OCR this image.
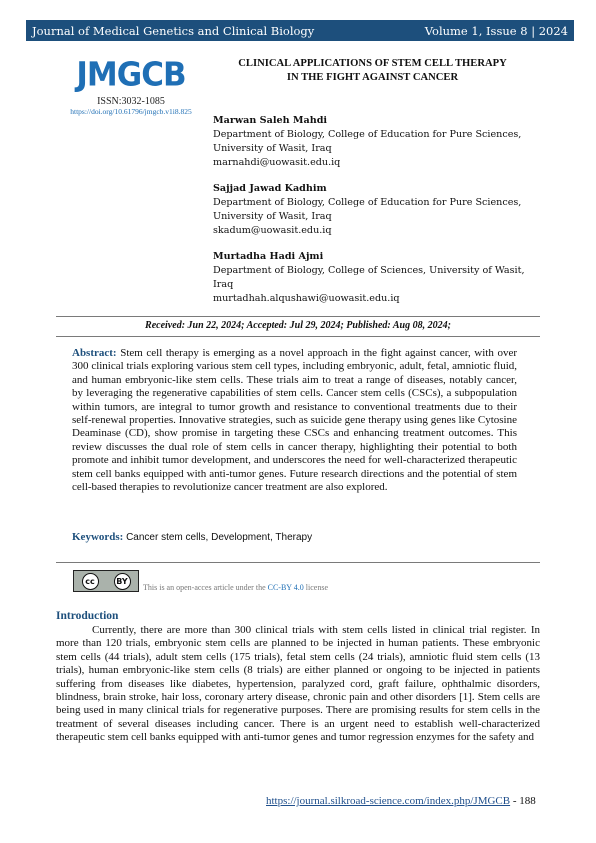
Journal of Medical Genetics and Clinical Biology	Volume 1, Issue 8 | 2024
JMGCB
ISSN:3032-1085
https://doi.org/10.61796/jmgcb.v1i8.825
CLINICAL APPLICATIONS OF STEM CELL THERAPY
IN THE FIGHT AGAINST CANCER
Marwan Saleh Mahdi
Department of Biology, College of Education for Pure Sciences,
University of Wasit, Iraq
marnahdi@uowasit.edu.iq
Sajjad Jawad Kadhim
Department of Biology, College of Education for Pure Sciences,
University of Wasit, Iraq
skadum@uowasit.edu.iq
Murtadha Hadi Ajmi
Department of Biology, College of Sciences, University of Wasit,
Iraq
murtadhah.alqushawi@uowasit.edu.iq
Received: Jun 22, 2024; Accepted: Jul 29, 2024; Published: Aug 08, 2024;
Abstract: Stem cell therapy is emerging as a novel approach in the fight against cancer, with over 300 clinical trials exploring various stem cell types, including embryonic, adult, fetal, amniotic fluid, and human embryonic-like stem cells. These trials aim to treat a range of diseases, notably cancer, by leveraging the regenerative capabilities of stem cells. Cancer stem cells (CSCs), a subpopulation within tumors, are integral to tumor growth and resistance to conventional treatments due to their self-renewal properties. Innovative strategies, such as suicide gene therapy using genes like Cytosine Deaminase (CD), show promise in targeting these CSCs and enhancing treatment outcomes. This review discusses the dual role of stem cells in cancer therapy, highlighting their potential to both promote and inhibit tumor development, and underscores the need for well-characterized therapeutic stem cell banks equipped with anti-tumor genes. Future research directions and the potential of stem cell-based therapies to revolutionize cancer treatment are also explored.
Keywords: Cancer stem cells, Development, Therapy
cc	BY
This is an open-acces article under the CC-BY 4.0 license
Introduction
Currently, there are more than 300 clinical trials with stem cells listed in clinical trial register. In more than 120 trials, embryonic stem cells are planned to be injected in human patients. These embryonic stem cells (44 trials), adult stem cells (175 trials), fetal stem cells (24 trials), amniotic fluid stem cells (13 trials), human embryonic-like stem cells (8 trials) are either planned or ongoing to be injected in patients suffering from diseases like diabetes, hypertension, paralyzed cord, graft failure, ophthalmic disorders, blindness, brain stroke, hair loss, coronary artery disease, chronic pain and other disorders [1]. Stem cells are being used in many clinical trials for regenerative purposes. There are promising results for stem cells in the treatment of several diseases including cancer. There is an urgent need to establish well-characterized therapeutic stem cell banks equipped with anti-tumor genes and tumor regression enzymes for the safety and
https://journal.silkroad-science.com/index.php/JMGCB - 188
